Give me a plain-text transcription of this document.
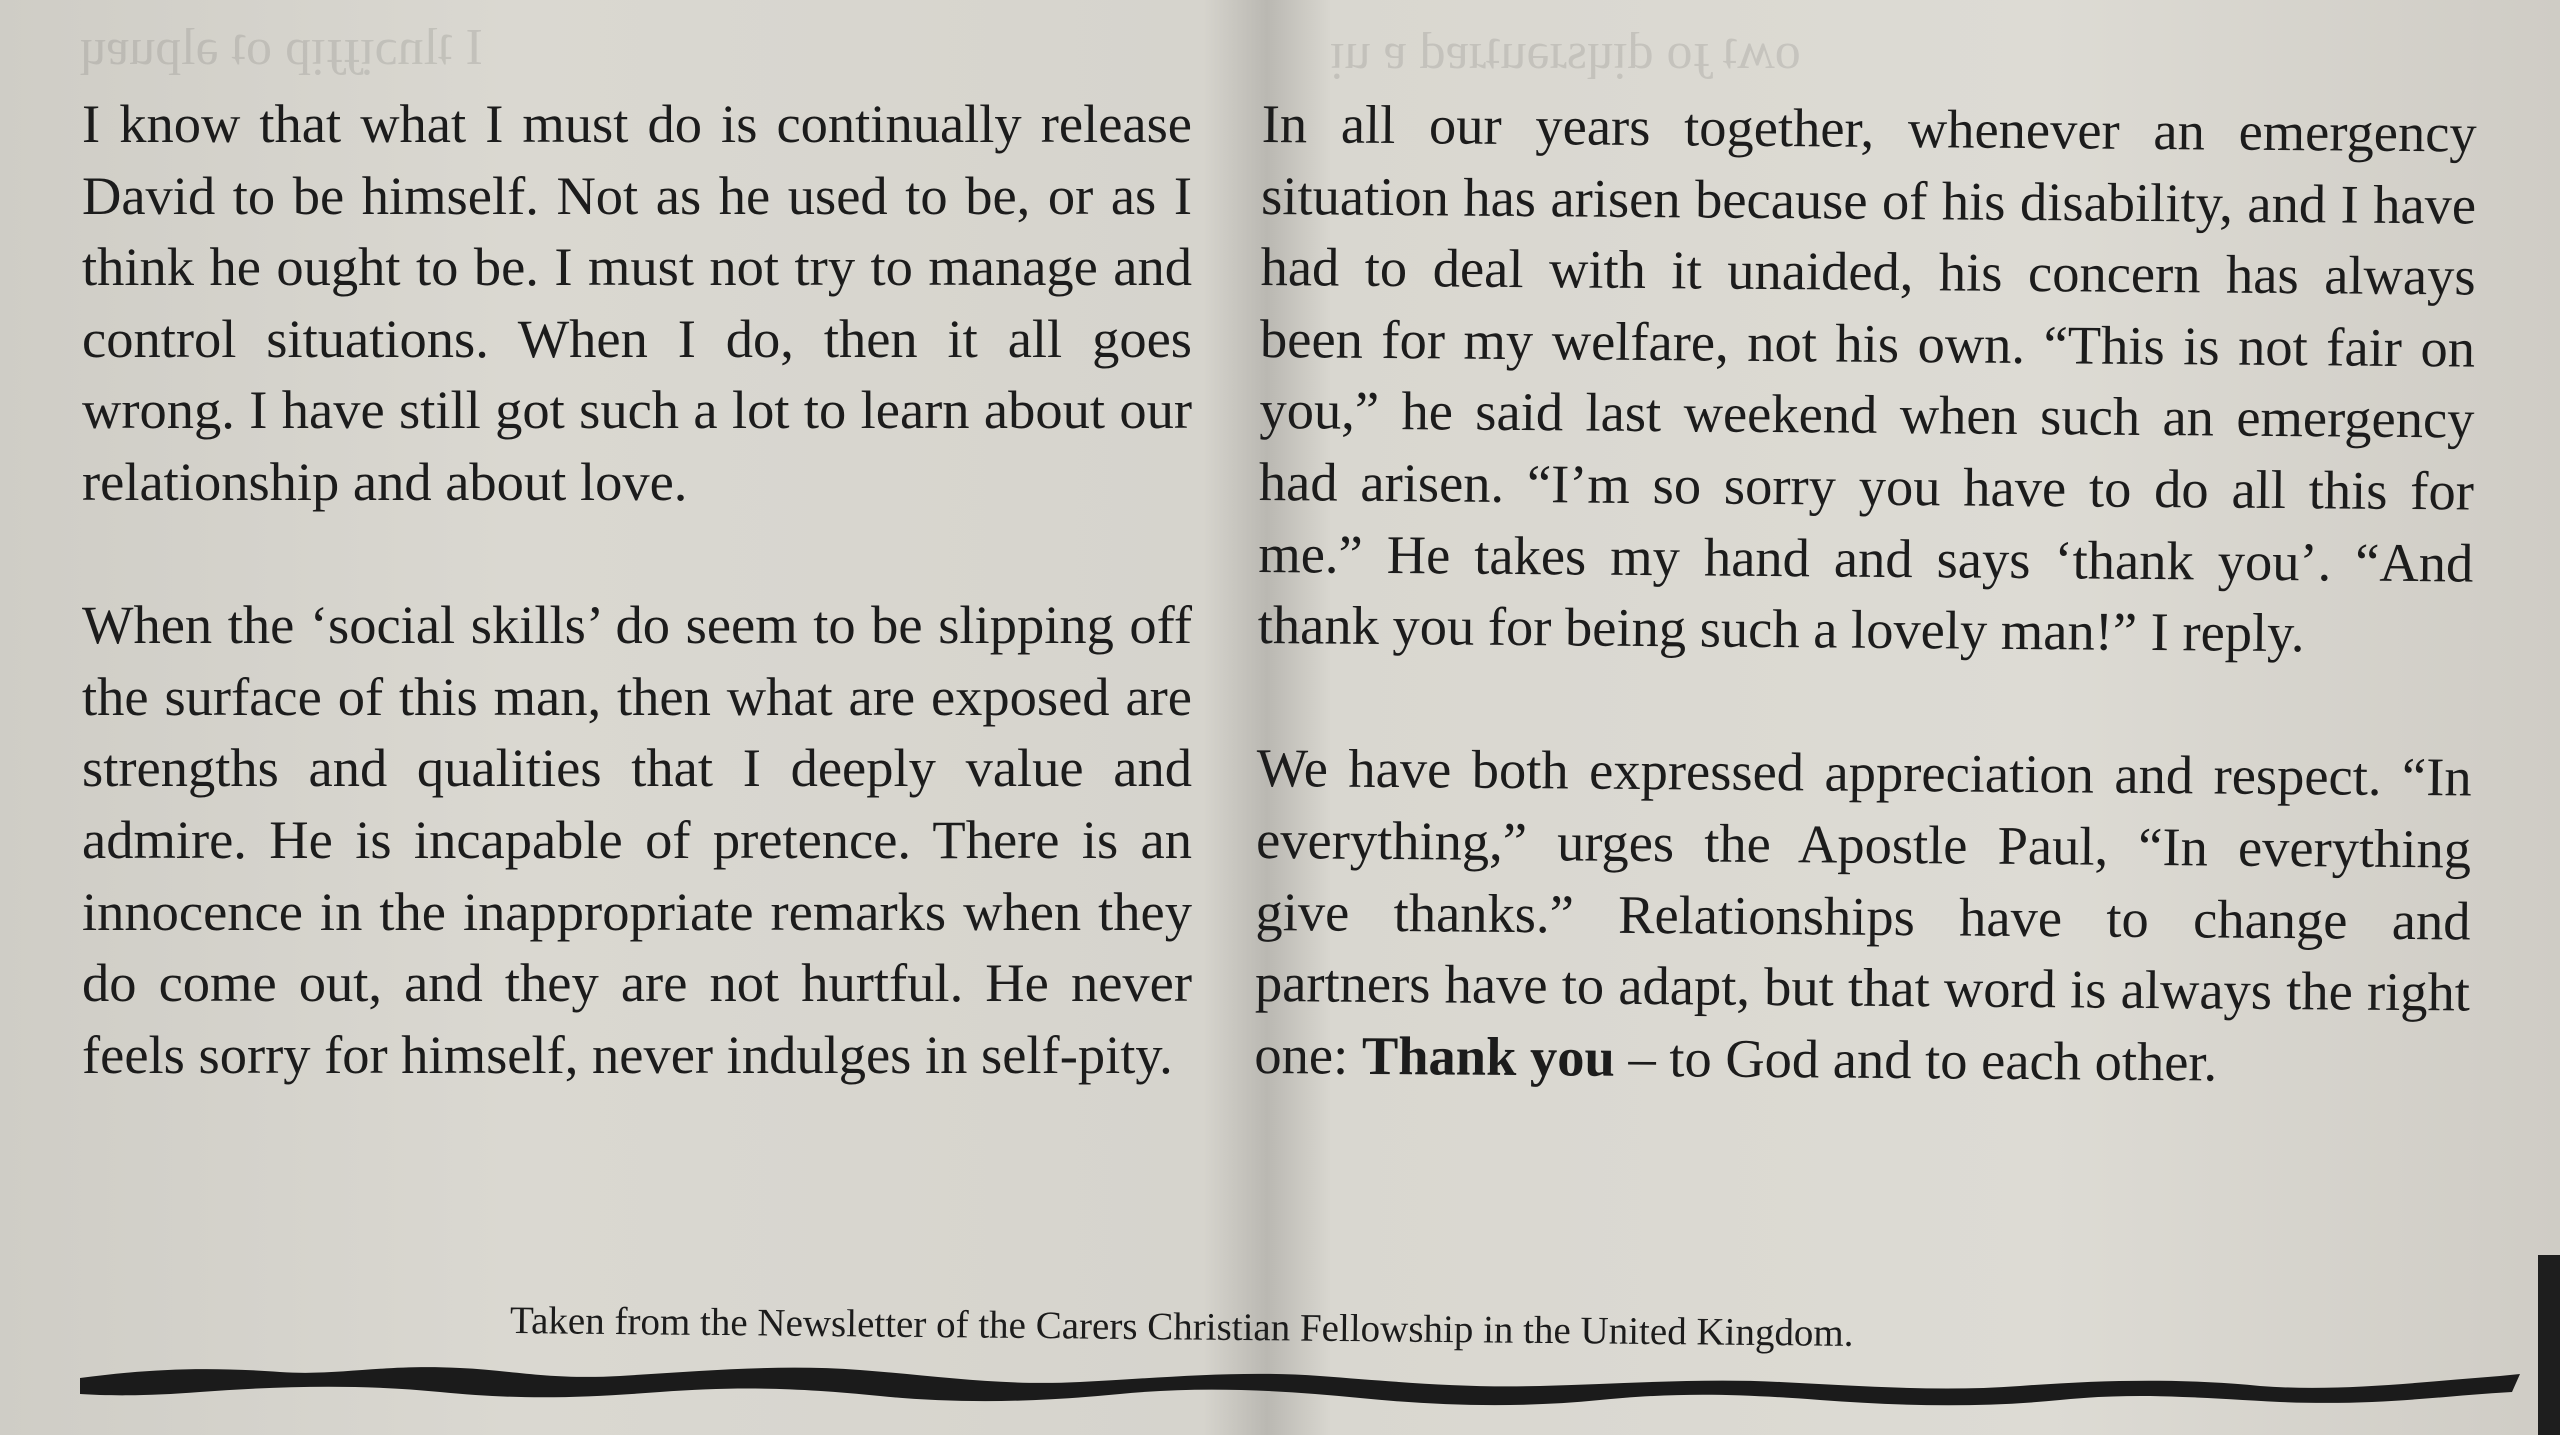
I ʇlnɔᴉɟɟᴉp oʇ ǝlpuɐɥ	oʍʇ ɟo dᴉɥsɹǝuʇɹɐd ɐ uᴉ

I know that what I must do is continually release David to be himself. Not as he used to be, or as I think he ought to be. I must not try to manage and control situations. When I do, then it all goes wrong. I have still got such a lot to learn about our relationship and about love.

When the ‘social skills’ do seem to be slipping off the surface of this man, then what are exposed are strengths and qualities that I deeply value and admire. He is incapable of pretence. There is an innocence in the inappropriate remarks when they do come out, and they are not hurtful. He never feels sorry for himself, never indulges in self-pity.

In all our years together, whenever an emergency situation has arisen because of his disability, and I have had to deal with it unaided, his concern has always been for my welfare, not his own. “This is not fair on you,” he said last weekend when such an emergency had arisen. “I’m so sorry you have to do all this for me.” He takes my hand and says ‘thank you’. “And thank you for being such a lovely man!” I reply.

We have both expressed appreciation and respect. “In everything,” urges the Apostle Paul, “In everything give thanks.” Relationships have to change and partners have to adapt, but that word is always the right one: Thank you – to God and to each other.

Taken from the Newsletter of the Carers Christian Fellowship in the United Kingdom.
